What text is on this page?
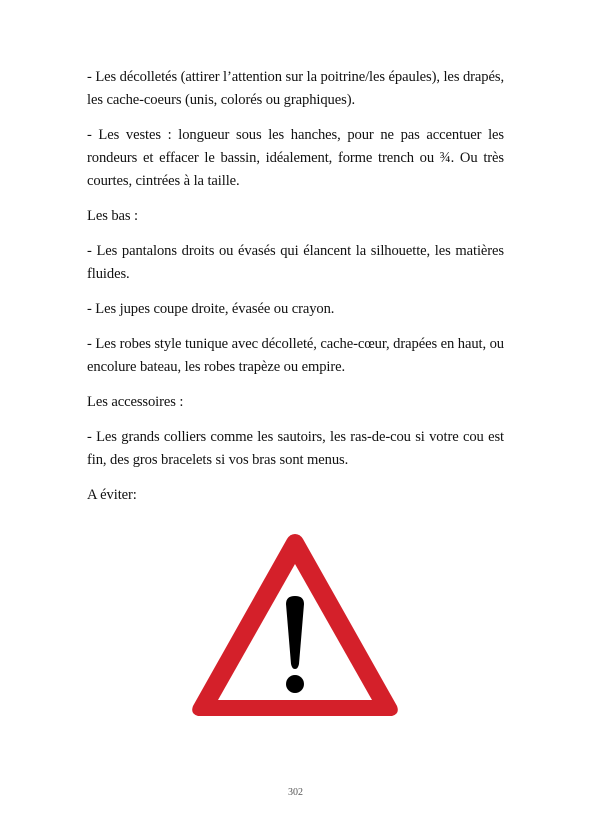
- Les décolletés (attirer l’attention sur la poitrine/les épaules), les drapés, les cache-coeurs (unis, colorés ou graphiques).

- Les vestes : longueur sous les hanches, pour ne pas accentuer les rondeurs et effacer le bassin, idéalement, forme trench ou ¾. Ou très courtes, cintrées à la taille.

Les bas :

- Les pantalons droits ou évasés qui élancent la silhouette, les matières fluides.

- Les jupes coupe droite, évasée ou crayon.

- Les robes style tunique avec décolleté, cache-cœur, drapées en haut, ou encolure bateau, les robes trapèze ou empire.

Les accessoires :

- Les grands colliers comme les sautoirs, les ras-de-cou si votre cou est fin, des gros bracelets si vos bras sont menus.

A éviter:

302
